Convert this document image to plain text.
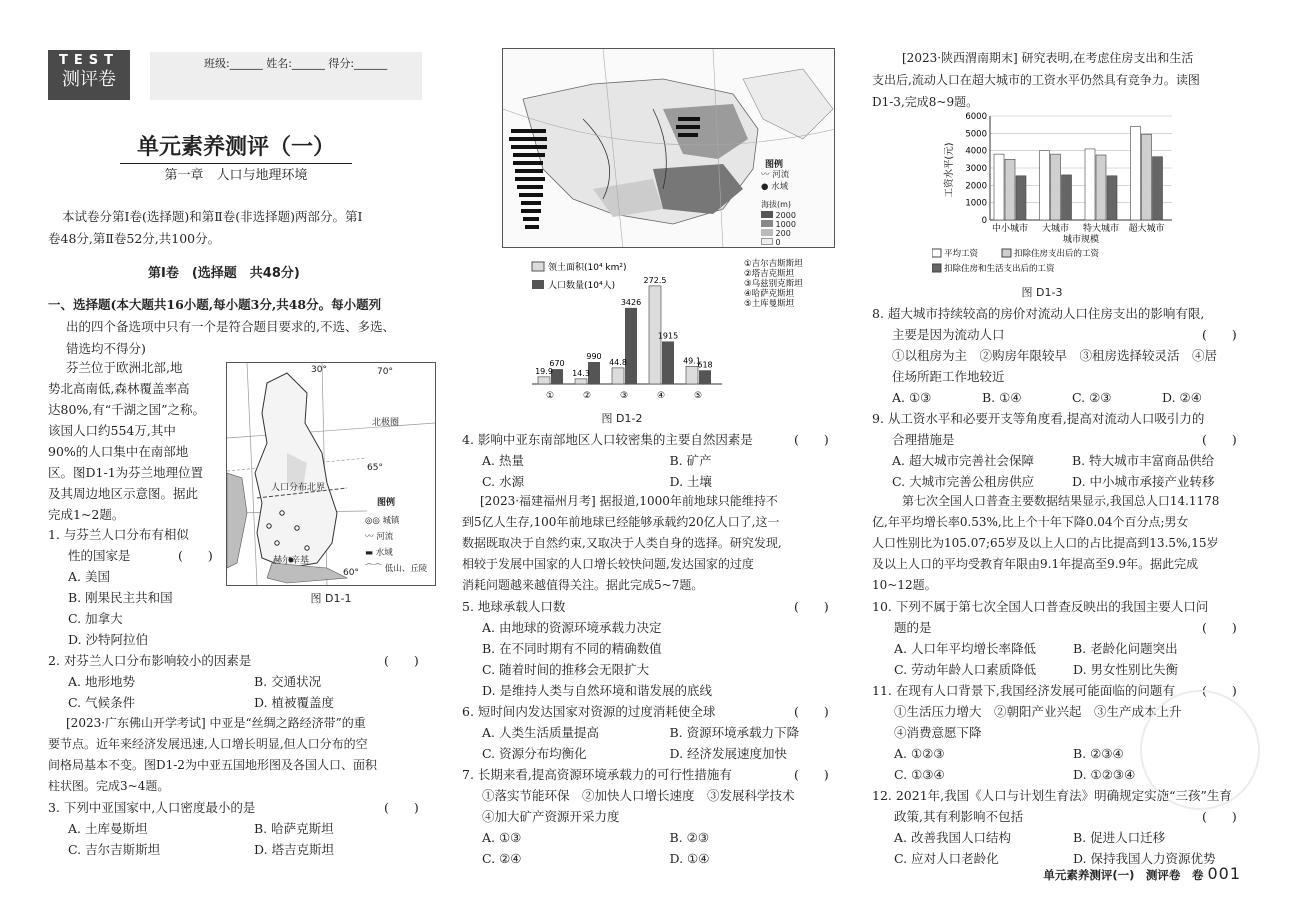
TEST
测评卷
班级:______ 姓名:______ 得分:______
单元素养测评（一）
第一章　人口与地理环境
本试卷分第Ⅰ卷(选择题)和第Ⅱ卷(非选择题)两部分。第Ⅰ
卷48分,第Ⅱ卷52分,共100分。
第Ⅰ卷　(选择题　共48分)
一、选择题(本大题共16小题,每小题3分,共48分。每小题列
出的四个备选项中只有一个是符合题目要求的,不选、多选、
错选均不得分)
芬兰位于欧洲北部,地
势北高南低,森林覆盖率高
达80%,有“千湖之国”之称。
该国人口约554万,其中
90%的人口集中在南部地
区。图D1-1为芬兰地理位置
及其周边地区示意图。据此
完成1~2题。
30°	70°
北极圈
65°
60°
赫尔辛基
人口分布北界
图例
◎◎ 城镇
〰 河流
▬ 水域
⌒⌒ 低山、丘陵
图 D1-1
1. 与芬兰人口分布有相似
性的国家是	(　　)
A. 美国
B. 刚果民主共和国
C. 加拿大
D. 沙特阿拉伯
2. 对芬兰人口分布影响较小的因素是	(　　)
A. 地形地势	B. 交通状况
C. 气候条件	D. 植被覆盖度
[2023·广东佛山开学考试] 中亚是“丝绸之路经济带”的重
要节点。近年来经济发展迅速,人口增长明显,但人口分布的空
间格局基本不变。图D1-2为中亚五国地形图及各国人口、面积
柱状图。完成3~4题。
3. 下列中亚国家中,人口密度最小的是	(　　)
A. 土库曼斯坦	B. 哈萨克斯坦
C. 吉尔吉斯斯坦	D. 塔吉克斯坦
图例
〰 河流
● 水域
海拔(m)
2000
1000
200
0
领土面积(10⁴ km²)
人口数量(10⁴人)
①吉尔吉斯斯坦
②塔吉克斯坦
③乌兹别克斯坦
④哈萨克斯坦
⑤土库曼斯坦
19.9
670
①
14.3
990
②
44.8
3426
③
272.5
1915
④
49.1
618
⑤
图 D1-2
4. 影响中亚东南部地区人口较密集的主要自然因素是	(　　)
A. 热量	B. 矿产
C. 水源	D. 土壤
[2023·福建福州月考] 据报道,1000年前地球只能维持不
到5亿人生存,100年前地球已经能够承载约20亿人口了,这一
数据既取决于自然约束,又取决于人类自身的选择。研究发现,
相较于发展中国家的人口增长较快问题,发达国家的过度
消耗问题越来越值得关注。据此完成5~7题。
5. 地球承载人口数	(　　)
A. 由地球的资源环境承载力决定
B. 在不同时期有不同的精确数值
C. 随着时间的推移会无限扩大
D. 是维持人类与自然环境和谐发展的底线
6. 短时间内发达国家对资源的过度消耗使全球	(　　)
A. 人类生活质量提高	B. 资源环境承载力下降
C. 资源分布均衡化	D. 经济发展速度加快
7. 长期来看,提高资源环境承载力的可行性措施有	(　　)
①落实节能环保　②加快人口增长速度　③发展科学技术
④加大矿产资源开采力度
A. ①③	B. ②③
C. ②④	D. ①④
[2023·陕西渭南期末] 研究表明,在考虑住房支出和生活
支出后,流动人口在超大城市的工资水平仍然具有竞争力。读图
D1-3,完成8~9题。
6000
5000
4000
3000
2000
1000
0
工资水平(元)
中小城市 大城市 特大城市 超大城市
城市规模
平均工资	扣除住房支出后的工资
扣除住房和生活支出后的工资
图 D1-3
8. 超大城市持续较高的房价对流动人口住房支出的影响有限,
主要是因为流动人口	(　　)
①以租房为主　②购房年限较早　③租房选择较灵活　④居
住场所距工作地较近
A. ①③	B. ①④	C. ②③	D. ②④
9. 从工资水平和必要开支等角度看,提高对流动人口吸引力的
合理措施是	(　　)
A. 超大城市完善社会保障	B. 特大城市丰富商品供给
C. 大城市完善公租房供应	D. 中小城市承接产业转移
第七次全国人口普查主要数据结果显示,我国总人口14.1178
亿,年平均增长率0.53%,比上个十年下降0.04个百分点;男女
人口性别比为105.07;65岁及以上人口的占比提高到13.5%,15岁
及以上人口的平均受教育年限由9.1年提高至9.9年。据此完成
10~12题。
10. 下列不属于第七次全国人口普查反映出的我国主要人口问
题的是	(　　)
A. 人口年平均增长率降低	B. 老龄化问题突出
C. 劳动年龄人口素质降低	D. 男女性别比失衡
11. 在现有人口背景下,我国经济发展可能面临的问题有 (　　)
①生活压力增大　②朝阳产业兴起　③生产成本上升
④消费意愿下降
A. ①②③	B. ②③④
C. ①③④	D. ①②③④
12. 2021年,我国《人口与计划生育法》明确规定实施“三孩”生育
政策,其有利影响不包括	(　　)
A. 改善我国人口结构	B. 促进人口迁移
C. 应对人口老龄化	D. 保持我国人力资源优势
单元素养测评(一)　测评卷　卷 001
